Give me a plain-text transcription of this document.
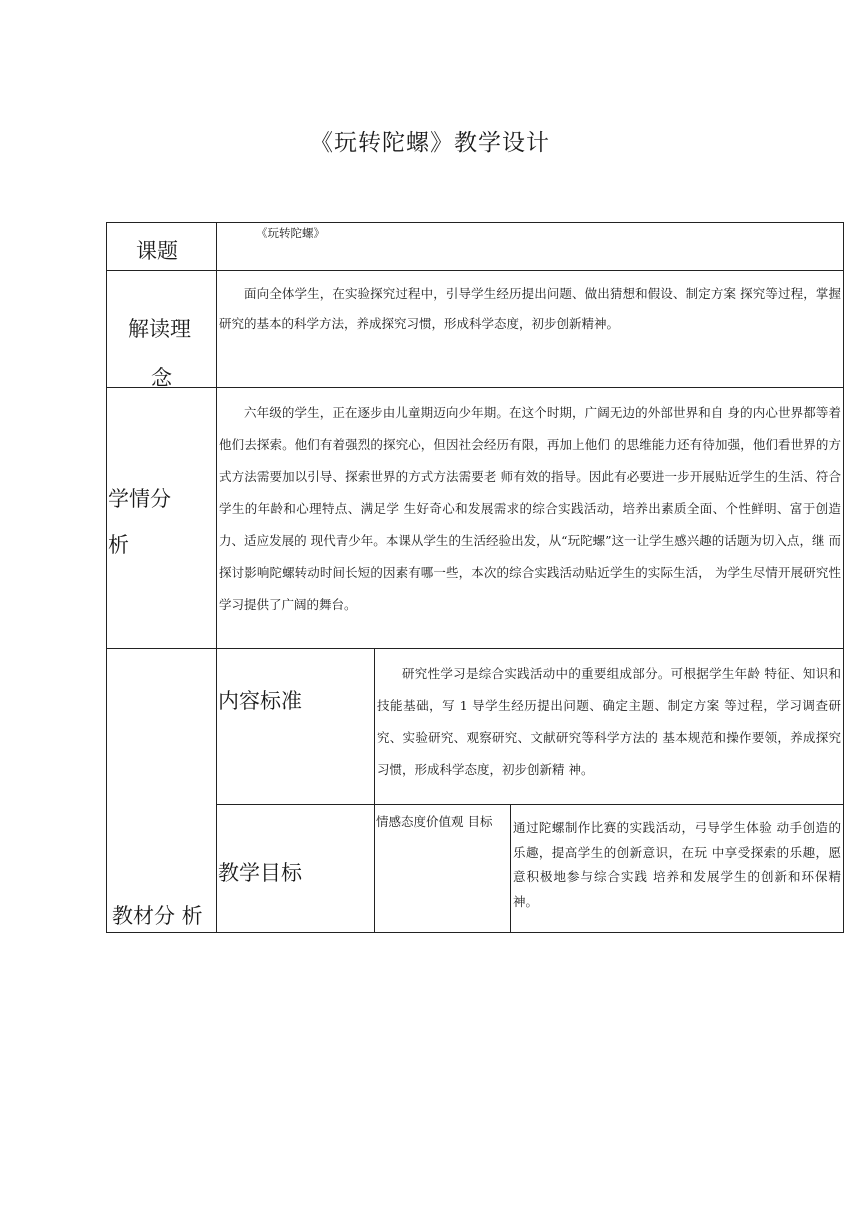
《玩转陀螺》教学设计
课题
《玩转陀螺》
解读理
念
面向全体学生，在实验探究过程中，引导学生经历提出问题、做出猜想和假设、制定方案 探究等过程，掌握研究的基本的科学方法，养成探究习惯，形成科学态度，初步创新精神。
学情分
析
六年级的学生，正在逐步由儿童期迈向少年期。在这个时期，广阔无边的外部世界和自 身的内心世界都等着他们去探索。他们有着强烈的探究心，但因社会经历有限，再加上他们 的思维能力还有待加强，他们看世界的方式方法需要加以引导、探索世界的方式方法需要老 师有效的指导。因此有必要进一步开展贴近学生的生活、符合学生的年龄和心理特点、满足学 生好奇心和发展需求的综合实践活动，培养出素质全面、个性鲜明、富于创造力、适应发展的 现代青少年。本课从学生的生活经验出发，从“玩陀螺”这一让学生感兴趣的话题为切入点，继 而探讨影响陀螺转动时间长短的因素有哪一些，本次的综合实践活动贴近学生的实际生活， 为学生尽情开展研究性学习提供了广阔的舞台。
教材分 析
内容标准
研究性学习是综合实践活动中的重要组成部分。可根据学生年龄 特征、知识和技能基础，写 1 导学生经历提出问题、确定主题、制定方案 等过程，学习调查研究、实验研究、观察研究、文献研究等科学方法的 基本规范和操作要领，养成探究习惯，形成科学态度，初步创新精 神。
教学目标
情感态度价值观 目标	通过陀螺制作比赛的实践活动，弓导学生体验 动手创造的乐趣，提高学生的创新意识，在玩 中享受探索的乐趣，愿意积极地参与综合实践 培养和发展学生的创新和环保精神。
